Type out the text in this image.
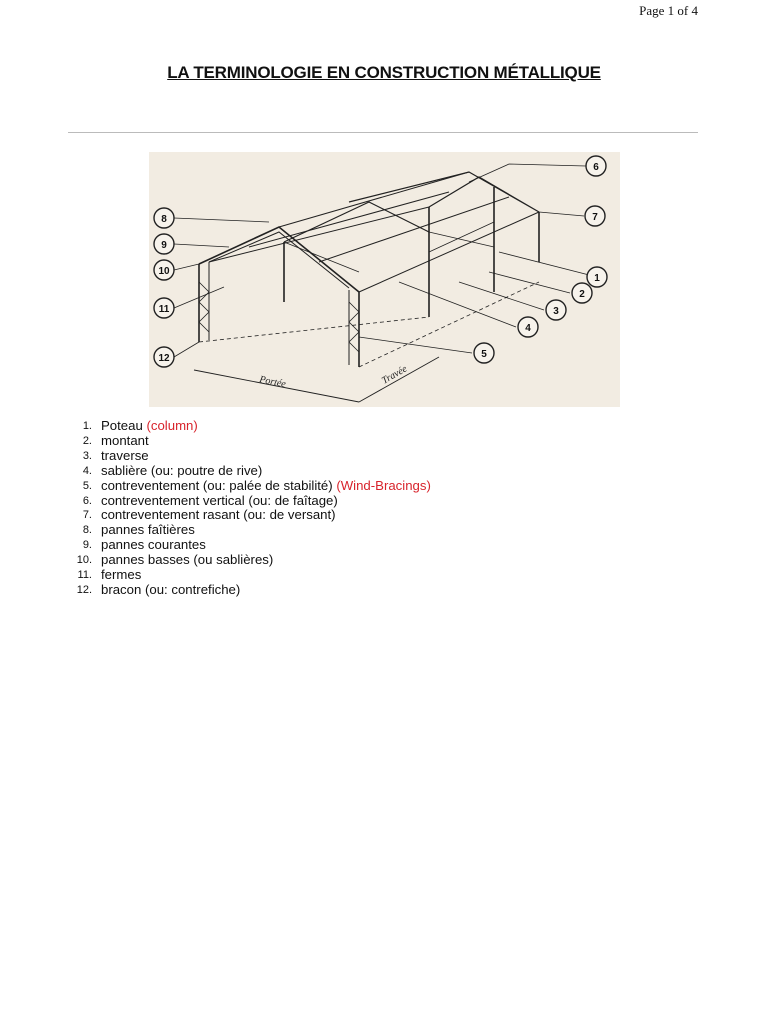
Page 1 of 4
LA TERMINOLOGIE EN CONSTRUCTION MÉTALLIQUE
Portée	Travée
1
2
3
4
5
6
7
8
9
10
11
12
1. Poteau
(column)
2. montant
3. traverse
4. sablière (ou: poutre de rive)
5. contreventement (ou: palée de stabilité)
(Wind-Bracings)
6. contreventement vertical (ou: de faîtage)
7. contreventement rasant (ou: de versant)
8. pannes faîtières
9. pannes courantes
10. pannes basses (ou sablières)
11. fermes
12. bracon (ou: contrefiche)
